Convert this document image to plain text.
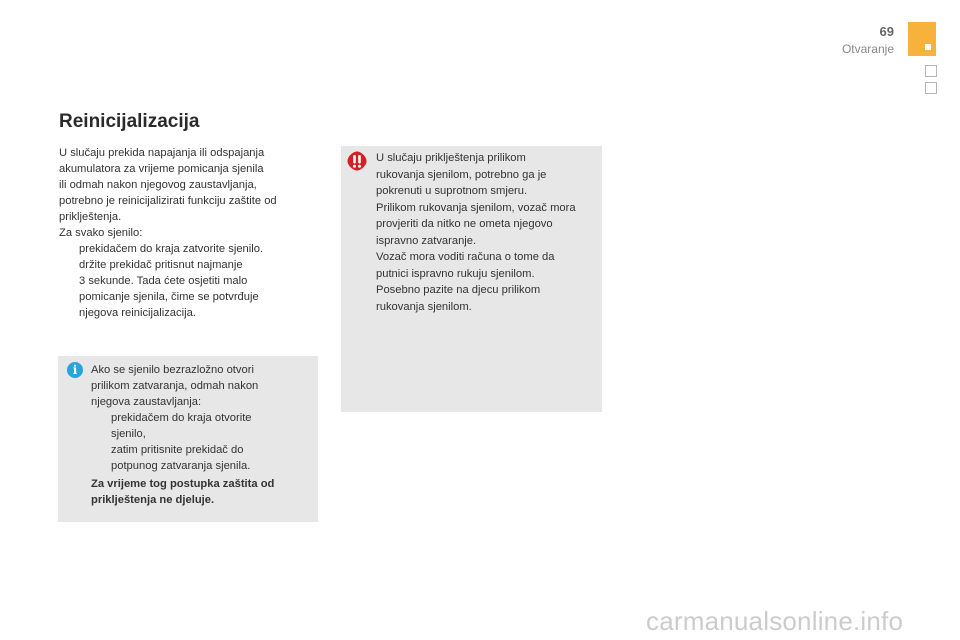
69
Otvaranje
Reinicijalizacija

U slučaju prekida napajanja ili odspajanja
akumulatora za vrijeme pomicanja sjenila
ili odmah nakon njegovog zaustavljanja,
potrebno je reinicijalizirati funkciju zaštite od
priklještenja.

Za svako sjenilo:

prekidačem do kraja zatvorite sjenilo.
držite prekidač pritisnut najmanje
3 sekunde. Tada ćete osjetiti malo
pomicanje sjenila, čime se potvrđuje
njegova reinicijalizacija.
i	Ako se sjenilo bezrazložno otvori
prilikom zatvaranja, odmah nakon
njegova zaustavljanja:

prekidačem do kraja otvorite
sjenilo,
zatim pritisnite prekidač do
potpunog zatvaranja sjenila.

Za vrijeme tog postupka zaštita od
priklještenja ne djeluje.

U slučaju priklještenja prilikom
rukovanja sjenilom, potrebno ga je
pokrenuti u suprotnom smjeru.
Prilikom rukovanja sjenilom, vozač mora
provjeriti da nitko ne ometa njegovo
ispravno zatvaranje.
Vozač mora voditi računa o tome da
putnici ispravno rukuju sjenilom.
Posebno pazite na djecu prilikom
rukovanja sjenilom.

carmanualsonline.info
